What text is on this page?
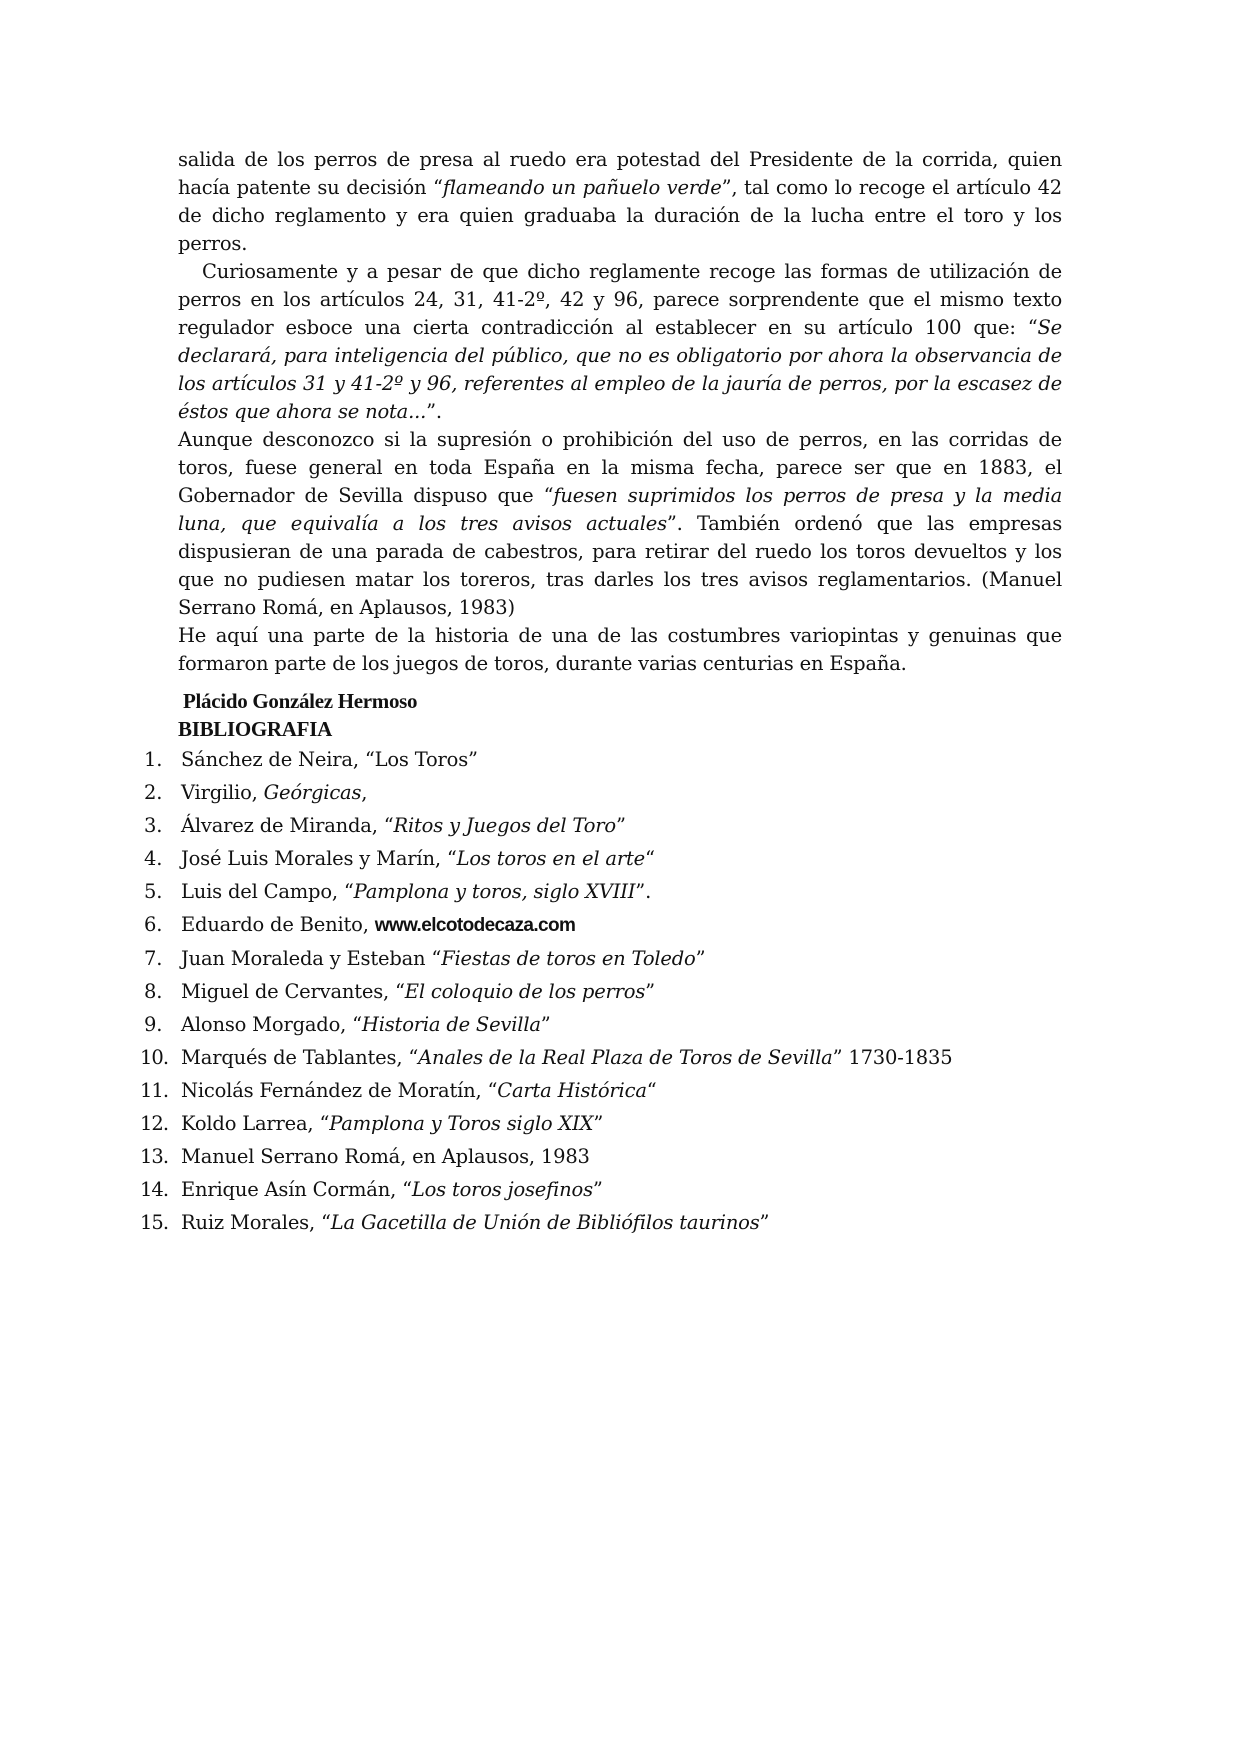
salida de los perros de presa al ruedo era potestad del Presidente de la corrida, quien hacía patente su decisión “flameando un pañuelo verde”, tal como lo recoge el artículo 42 de dicho reglamento y era quien graduaba la duración de la lucha entre el toro y los perros.

Curiosamente y a pesar de que dicho reglamente recoge las formas de utilización de perros en los artículos 24, 31, 41-2º, 42 y 96, parece sorprendente que el mismo texto regulador esboce una cierta contradicción al establecer en su artículo 100 que: “Se declarará, para inteligencia del público, que no es obligatorio por ahora la observancia de los artículos 31 y 41-2º y 96, referentes al empleo de la jauría de perros, por la escasez de éstos que ahora se nota...”.

Aunque desconozco si la supresión o prohibición del uso de perros, en las corridas de toros, fuese general en toda España en la misma fecha, parece ser que en 1883, el Gobernador de Sevilla dispuso que “fuesen suprimidos los perros de presa y la media luna, que equivalía a los tres avisos actuales”. También ordenó que las empresas dispusieran de una parada de cabestros, para retirar del ruedo los toros devueltos y los que no pudiesen matar los toreros, tras darles los tres avisos reglamentarios. (Manuel Serrano Romá, en Aplausos, 1983)

He aquí una parte de la historia de una de las costumbres variopintas y genuinas que formaron parte de los juegos de toros, durante varias centurias en España.

Plácido González Hermoso
BIBLIOGRAFIA
1. Sánchez de Neira, “Los Toros”
2. Virgilio, Geórgicas,
3. Álvarez de Miranda, “Ritos y Juegos del Toro”
4. José Luis Morales y Marín, “Los toros en el arte“
5. Luis del Campo, “Pamplona y toros, siglo XVIII”.
6. Eduardo de Benito, www.elcotodecaza.com
7. Juan Moraleda y Esteban “Fiestas de toros en Toledo”
8. Miguel de Cervantes, “El coloquio de los perros”
9. Alonso Morgado, “Historia de Sevilla”
10. Marqués de Tablantes, “Anales de la Real Plaza de Toros de Sevilla” 1730-1835
11. Nicolás Fernández de Moratín, “Carta Histórica“
12. Koldo Larrea, “Pamplona y Toros siglo XIX”
13. Manuel Serrano Romá, en Aplausos, 1983
14. Enrique Asín Cormán, “Los toros josefinos”
15. Ruiz Morales, “La Gacetilla de Unión de Bibliófilos taurinos”
